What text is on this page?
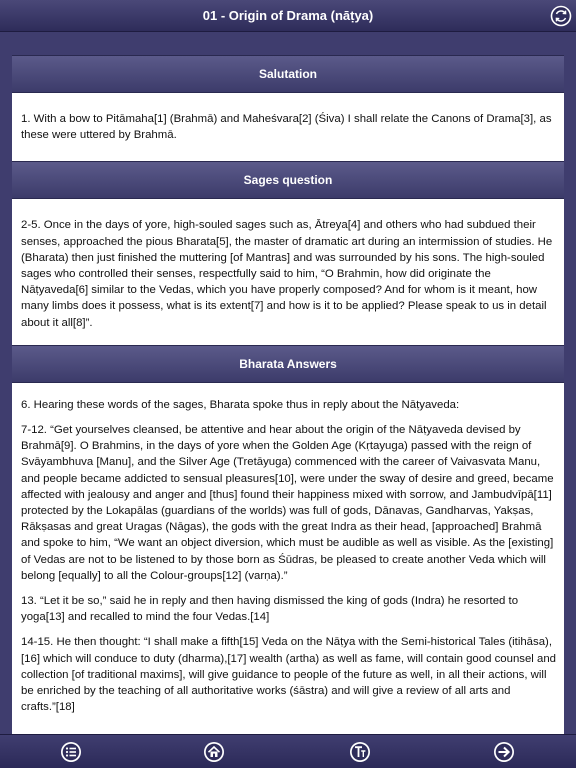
01 - Origin of Drama (nāṭya)
Salutation

1. With a bow to Pitāmaha[1] (Brahmā) and Maheśvara[2] (Śiva) I shall relate the Canons of Drama[3], as these were uttered by Brahmā.

Sages question

2-5. Once in the days of yore, high-souled sages such as, Ātreya[4] and others who had subdued their senses, approached the pious Bharata[5], the master of dramatic art during an intermission of studies. He (Bharata) then just finished the muttering [of Mantras] and was surrounded by his sons. The high-souled sages who controlled their senses, respectfully said to him, “O Brahmin, how did originate the Nāṭyaveda[6] similar to the Vedas, which you have properly composed? And for whom is it meant, how many limbs does it possess, what is its extent[7] and how is it to be applied? Please speak to us in detail about it all[8]”.

Bharata Answers

6. Hearing these words of the sages, Bharata spoke thus in reply about the Nāṭyaveda:

7-12. “Get yourselves cleansed, be attentive and hear about the origin of the Nāṭyaveda devised by Brahmā[9]. O Brahmins, in the days of yore when the Golden Age (Kṛtayuga) passed with the reign of Svāyambhuva [Manu], and the Silver Age (Tretāyuga) commenced with the career of Vaivasvata Manu, and people became addicted to sensual pleasures[10], were under the sway of desire and greed, became affected with jealousy and anger and [thus] found their happiness mixed with sorrow, and Jambudvīpā[11] protected by the Lokapālas (guardians of the worlds) was full of gods, Dānavas, Gandharvas, Yakṣas, Rākṣasas and great Uragas (Nāgas), the gods with the great Indra as their head, [approached] Brahmā and spoke to him, “We want an object diversion, which must be audible as well as visible. As the [existing] of Vedas are not to be listened to by those born as Śūdras, be pleased to create another Veda which will belong [equally] to all the Colour-groups[12] (varṇa).”

13. “Let it be so,” said he in reply and then having dismissed the king of gods (Indra) he resorted to yoga[13] and recalled to mind the four Vedas.[14]

14-15. He then thought: “I shall make a fifth[15] Veda on the Nāṭya with the Semi-historical Tales (itihāsa),[16] which will conduce to duty (dharma),[17] wealth (artha) as well as fame, will contain good counsel and collection [of traditional maxims], will give guidance to people of the future as well, in all their actions, will be enriched by the teaching of all authoritative works (śāstra) and will give a review of all arts and crafts.”[18]
